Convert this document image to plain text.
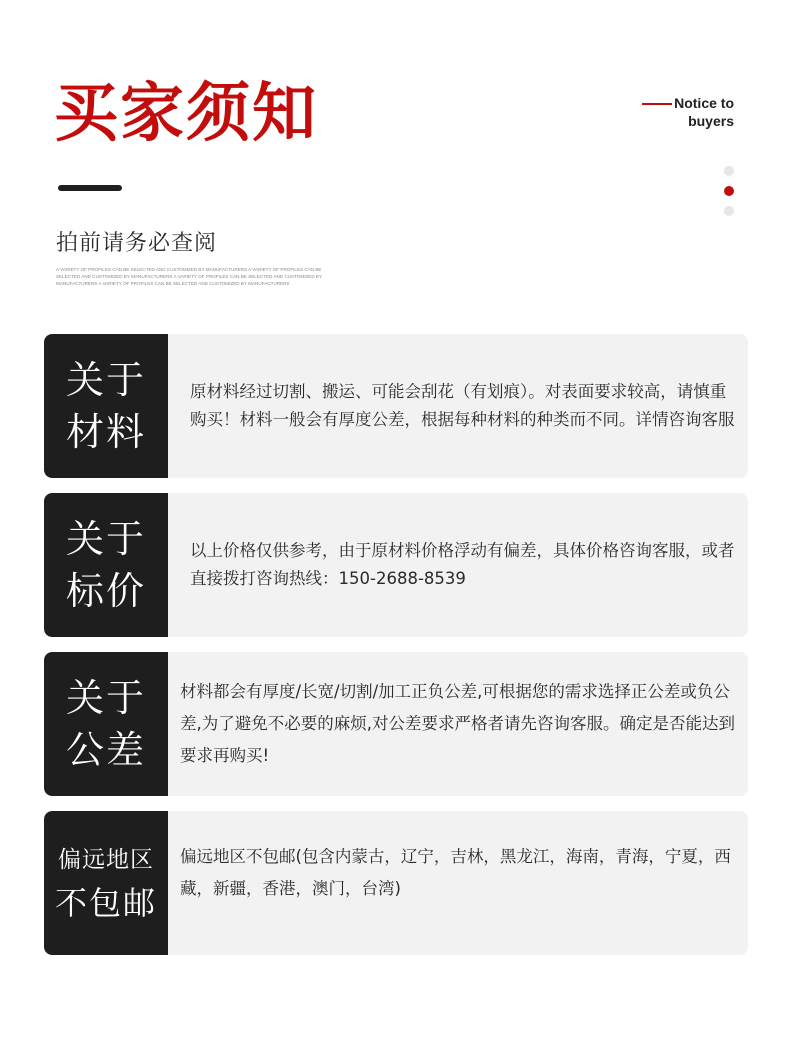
买家须知	Notice to
buyers
拍前请务必查阅
A VARIETY OF PROFILES CAN BE SELECTED AND CUSTOMIZED BY MANUFACTURERS A VARIETY OF PROFILES CAN BE SELECTED AND CUSTOMIZED BY MANUFACTURERS A VARIETY OF PROFILES CAN BE SELECTED AND CUSTOMIZED BY MANUFACTURERS A VARIETY OF PROFILES CAN BE SELECTED AND CUSTOMIZED BY MANUFACTURERS
关于
材料

原材料经过切割、搬运、可能会刮花（有划痕）。对表面要求较高，请慎重购买！材料一般会有厚度公差，根据每种材料的种类而不同。详情咨询客服

关于
标价

以上价格仅供参考，由于原材料价格浮动有偏差，具体价格咨询客服，或者直接拨打咨询热线：150-2688-8539

关于
公差

材料都会有厚度/长宽/切割/加工正负公差,可根据您的需求选择正公差或负公差,为了避免不必要的麻烦,对公差要求严格者请先咨询客服。确定是否能达到要求再购买!

偏远地区
不包邮

偏远地区不包邮(包含内蒙古，辽宁，吉林，黑龙江，海南，青海，宁夏，西藏，新疆，香港，澳门，台湾)
